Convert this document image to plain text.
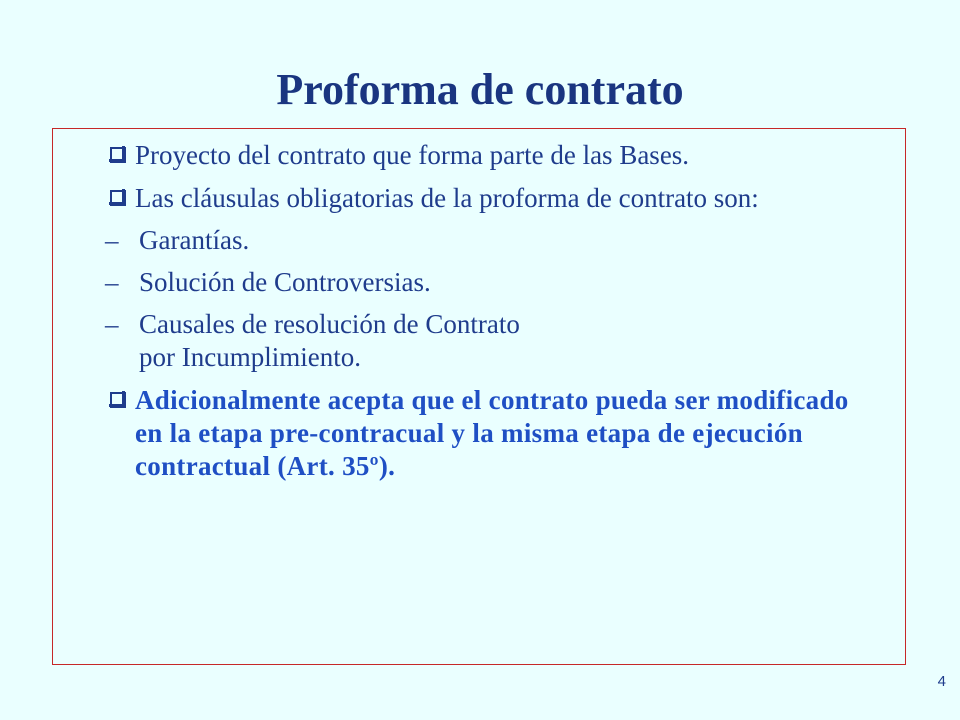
Proforma de contrato
Proyecto del contrato que forma parte de las Bases.
Las cláusulas obligatorias de la proforma de contrato son:
– Garantías.
– Solución de Controversias.
– Causales de resolución de Contrato por Incumplimiento.
Adicionalmente acepta que el contrato pueda ser modificado en la etapa pre-contracual y la misma etapa de ejecución contractual (Art. 35º).
4
